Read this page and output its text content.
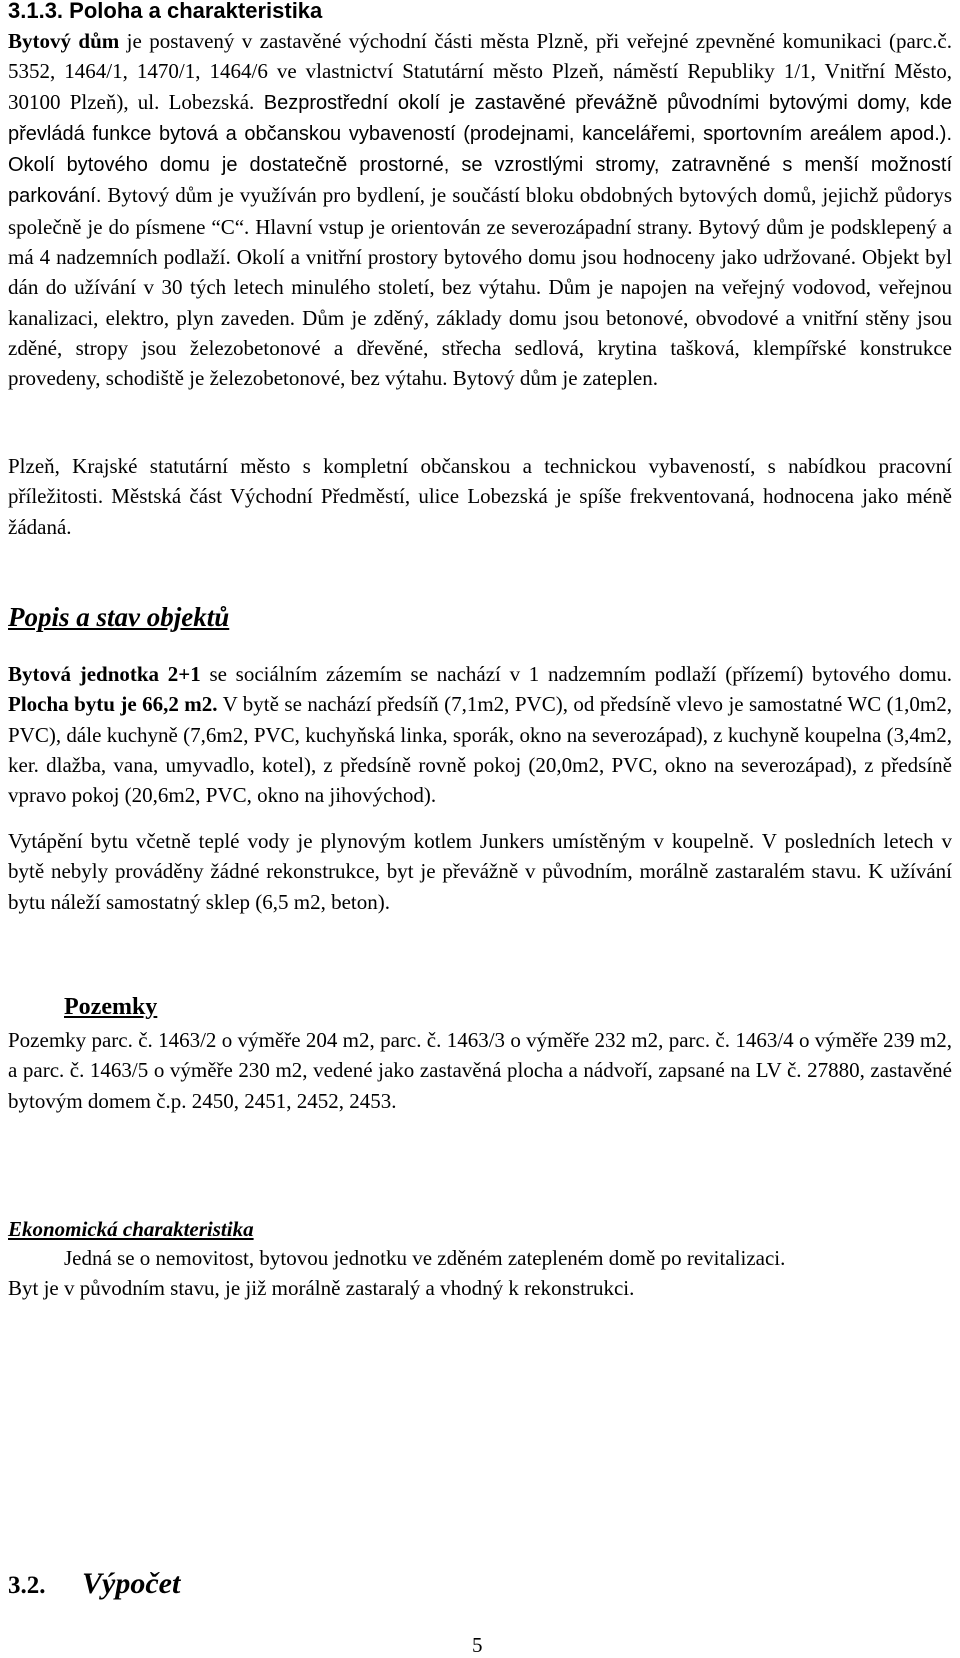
3.1.3. Poloha a charakteristika

Bytový dům je postavený v zastavěné východní části města Plzně, při veřejné zpevněné komunikaci (parc.č. 5352, 1464/1, 1470/1, 1464/6 ve vlastnictví Statutární město Plzeň, náměstí Republiky 1/1, Vnitřní Město, 30100 Plzeň), ul. Lobezská. Bezprostřední okolí je zastavěné převážně původními bytovými domy, kde převládá funkce bytová a občanskou vybaveností (prodejnami, kancelářemi, sportovním areálem apod.). Okolí bytového domu je dostatečně prostorné, se vzrostlými stromy, zatravněné s menší možností parkování. Bytový dům je využíván pro bydlení, je součástí bloku obdobných bytových domů, jejichž půdorys společně je do písmene “C“. Hlavní vstup je orientován ze severozápadní strany. Bytový dům je podsklepený a má 4 nadzemních podlaží. Okolí a vnitřní prostory bytového domu jsou hodnoceny jako udržované. Objekt byl dán do užívání v 30 tých letech minulého století, bez výtahu. Dům je napojen na veřejný vodovod, veřejnou kanalizaci, elektro, plyn zaveden. Dům je zděný, základy domu jsou betonové, obvodové a vnitřní stěny jsou zděné, stropy jsou železobetonové a dřevěné, střecha sedlová, krytina tašková, klempířské konstrukce provedeny, schodiště je železobetonové, bez výtahu. Bytový dům je zateplen.

Plzeň, Krajské statutární město s kompletní občanskou a technickou vybaveností, s nabídkou pracovní příležitosti. Městská část Východní Předměstí, ulice Lobezská je spíše frekventovaná, hodnocena jako méně žádaná.

Popis a stav objektů

Bytová jednotka 2+1 se sociálním zázemím se nachází v 1 nadzemním podlaží (přízemí) bytového domu. Plocha bytu je 66,2 m2. V bytě se nachází předsíň (7,1m2, PVC), od předsíně vlevo je samostatné WC (1,0m2, PVC), dále kuchyně (7,6m2, PVC, kuchyňská linka, sporák, okno na severozápad), z kuchyně koupelna (3,4m2, ker. dlažba, vana, umyvadlo, kotel), z předsíně rovně pokoj (20,0m2, PVC, okno na severozápad), z předsíně vpravo pokoj (20,6m2, PVC, okno na jihovýchod).

Vytápění bytu včetně teplé vody je plynovým kotlem Junkers umístěným v koupelně. V posledních letech v bytě nebyly prováděny žádné rekonstrukce, byt je převážně v původním, morálně zastaralém stavu. K užívání bytu náleží samostatný sklep (6,5 m2, beton).

Pozemky

Pozemky parc. č. 1463/2 o výměře 204 m2, parc. č. 1463/3 o výměře 232 m2, parc. č. 1463/4 o výměře 239 m2, a parc. č. 1463/5 o výměře 230 m2, vedené jako zastavěná plocha a nádvoří, zapsané na LV č. 27880, zastavěné bytovým domem č.p. 2450, 2451, 2452, 2453.

Ekonomická charakteristika

Jedná se o nemovitost, bytovou jednotku ve zděném zatepleném domě po revitalizaci.

Byt je v původním stavu, je již morálně zastaralý a vhodný k rekonstrukci.

3.2. Výpočet
5
